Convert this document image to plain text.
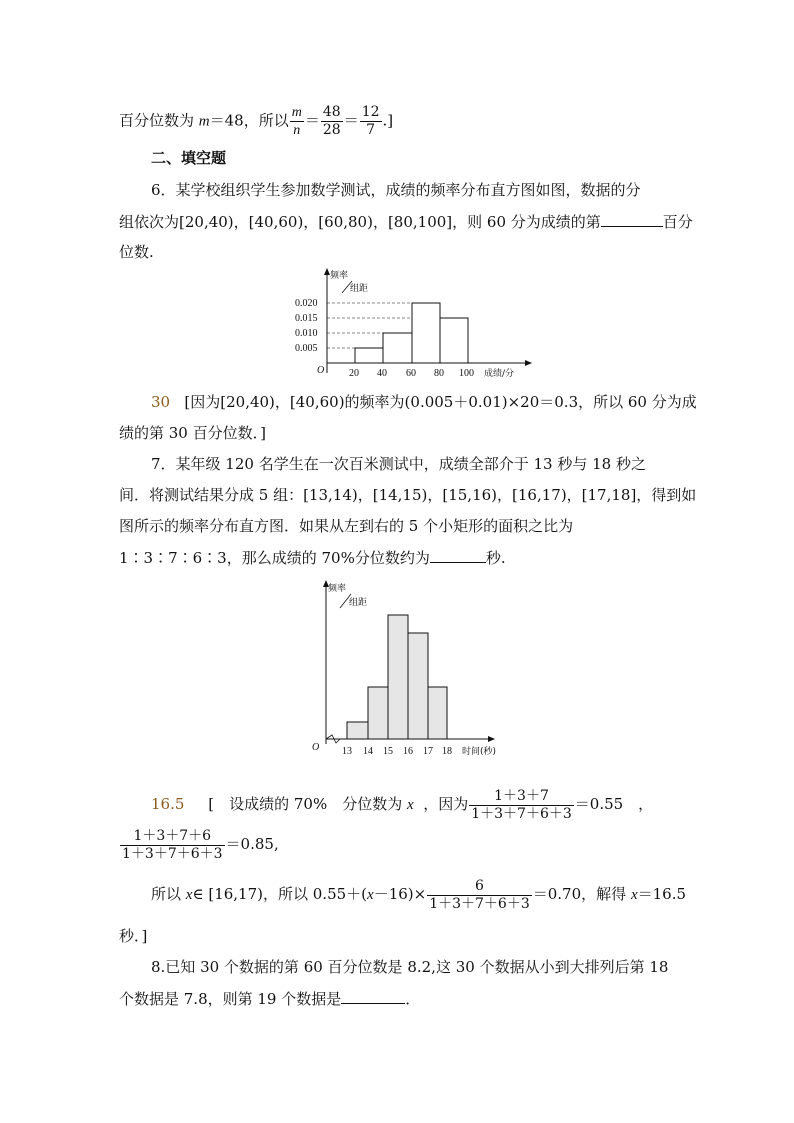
百分位数为 m＝48，所以 $\frac{m}{n} = \frac{48}{28} = \frac{12}{7}$ .]
二、填空题
6．某学校组织学生参加数学测试，成绩的频率分布直方图如图，数据的分
组依次为[20,40)，[40,60)，[60,80)，[80,100]，则 60 分为成绩的第	百分
位数.
频率
组距
0.020
0.015
0.010
0.005
O 20 40 60 80 100 成绩/分
30 [因为[20,40)，[40,60)的频率为(0.005＋0.01)×20＝0.3，所以 60 分为成
绩的第 30 百分位数．]
7．某年级 120 名学生在一次百米测试中，成绩全部介于 13 秒与 18 秒之
间．将测试结果分成 5 组：[13,14)，[14,15)，[15,16)，[16,17)，[17,18]，得到如
图所示的频率分布直方图．如果从左到右的 5 个小矩形的面积之比为
1∶3∶7∶6∶3，那么成绩的 70%分位数约为	秒.
频率
组距
O 13 14 15 16 17 18 时间(秒)
16.5 [　设成绩的 70%　分位数为 x ，因为 $\frac{1+3+7}{1+3+7+6+3} =0.55$　，
$\frac{1+3+7+6}{1+3+7+6+3} =0.85$,
所以 x∈ [16,17)，所以 $0.55+(x-16)\times \frac{6}{1+3+7+6+3} =0.70$，解得 x＝16.5
秒．]
8.已知 30 个数据的第 60 百分位数是 8.2,这 30 个数据从小到大排列后第 18
个数据是 7.8，则第 19 个数据是	．
